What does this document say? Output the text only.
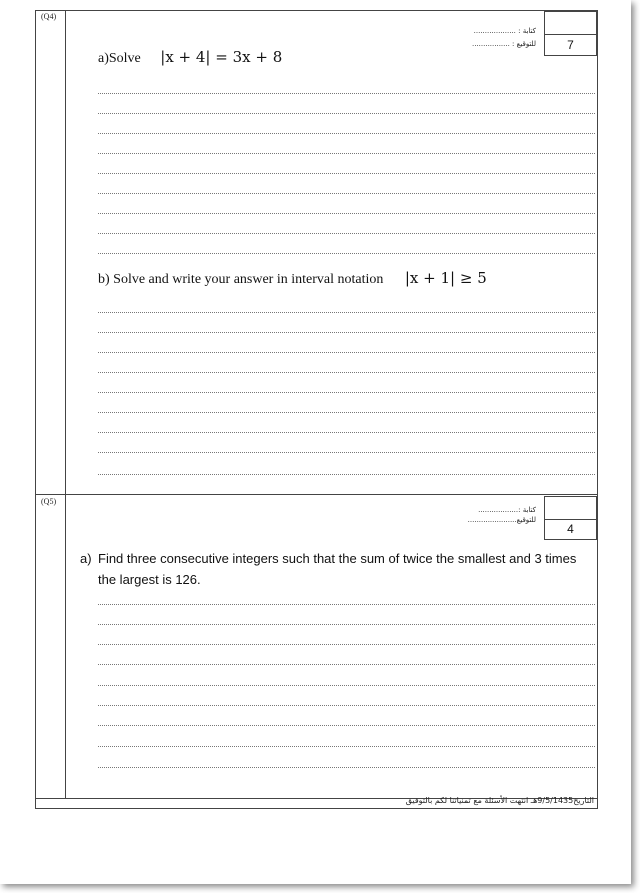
(Q4)
7
كتابة : ...................
للتوقيع : .................
a)Solve |x + 4| = 3x + 8
b) Solve and write your answer in interval notation |x + 1| ≥ 5
(Q5)
4
كتابة :..................
للتوقيع......................
a) Find three consecutive integers such that the sum of twice the smallest and 3 times the largest is 126.
التاريخ9/5/1435هـ انتهت الأسئلة مع تمنياتنا لكم بالتوفيق
